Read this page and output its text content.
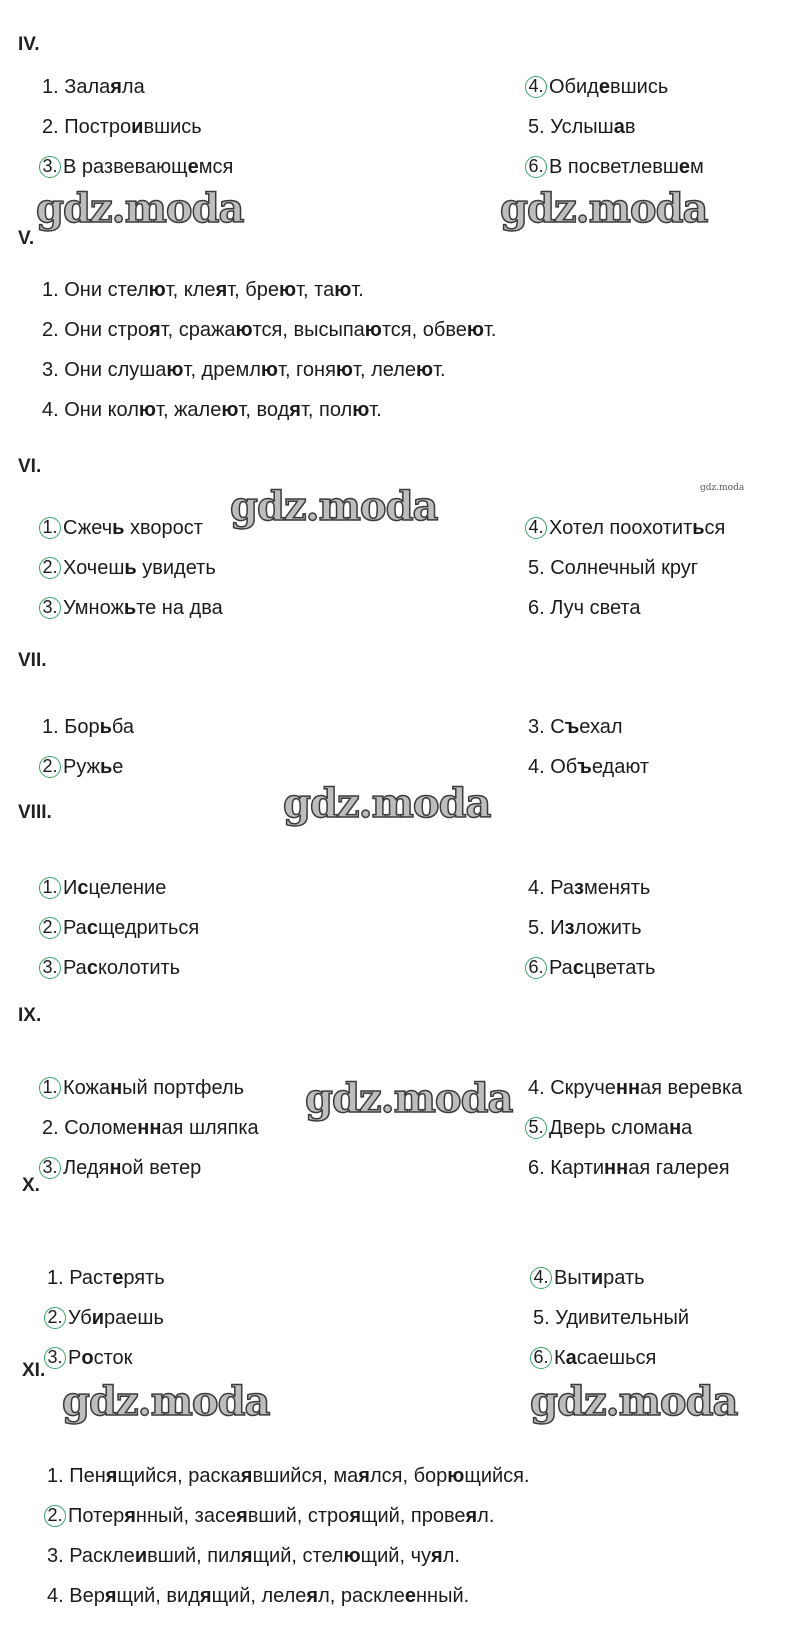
IV.
V.
VI.
VII.
VIII.
IX.
X.
XI.
1. Залаяла
2. Построившись
3. В развевающемся
4. Обидевшись
5. Услышав
6. В посветлевшем
1. Они стелют, клеят, бреют, тают.
2. Они строят, сражаются, высыпаются, обвеют.
3. Они слушают, дремлют, гоняют, лелеют.
4. Они колют, жалеют, водят, полют.
1. Сжечь хворост
2. Хочешь увидеть
3. Умножьте на два
4. Хотел поохотиться
5. Солнечный круг
6. Луч света
1. Борьба
2. Ружье
3. Съехал
4. Объедают
1. Исцеление
2. Расщедриться
3. Расколотить
4. Разменять
5. Изложить
6. Расцветать
1. Кожаный портфель
2. Соломенная шляпка
3. Ледяной ветер
4. Скрученная веревка
5. Дверь сломана
6. Картинная галерея
1. Растерять
2. Убираешь
3. Росток
4. Вытирать
5. Удивительный
6. Касаешься
1. Пенящийся, раскаявшийся, маялся, борющийся.
2. Потерянный, засеявший, строящий, провеял.
3. Расклеивший, пилящий, стелющий, чуял.
4. Верящий, видящий, лелеял, расклеенный.
gdz.moda	gdz.moda
gdz.moda	gdz.moda
gdz.moda
gdz.moda
gdz.moda	gdz.moda
